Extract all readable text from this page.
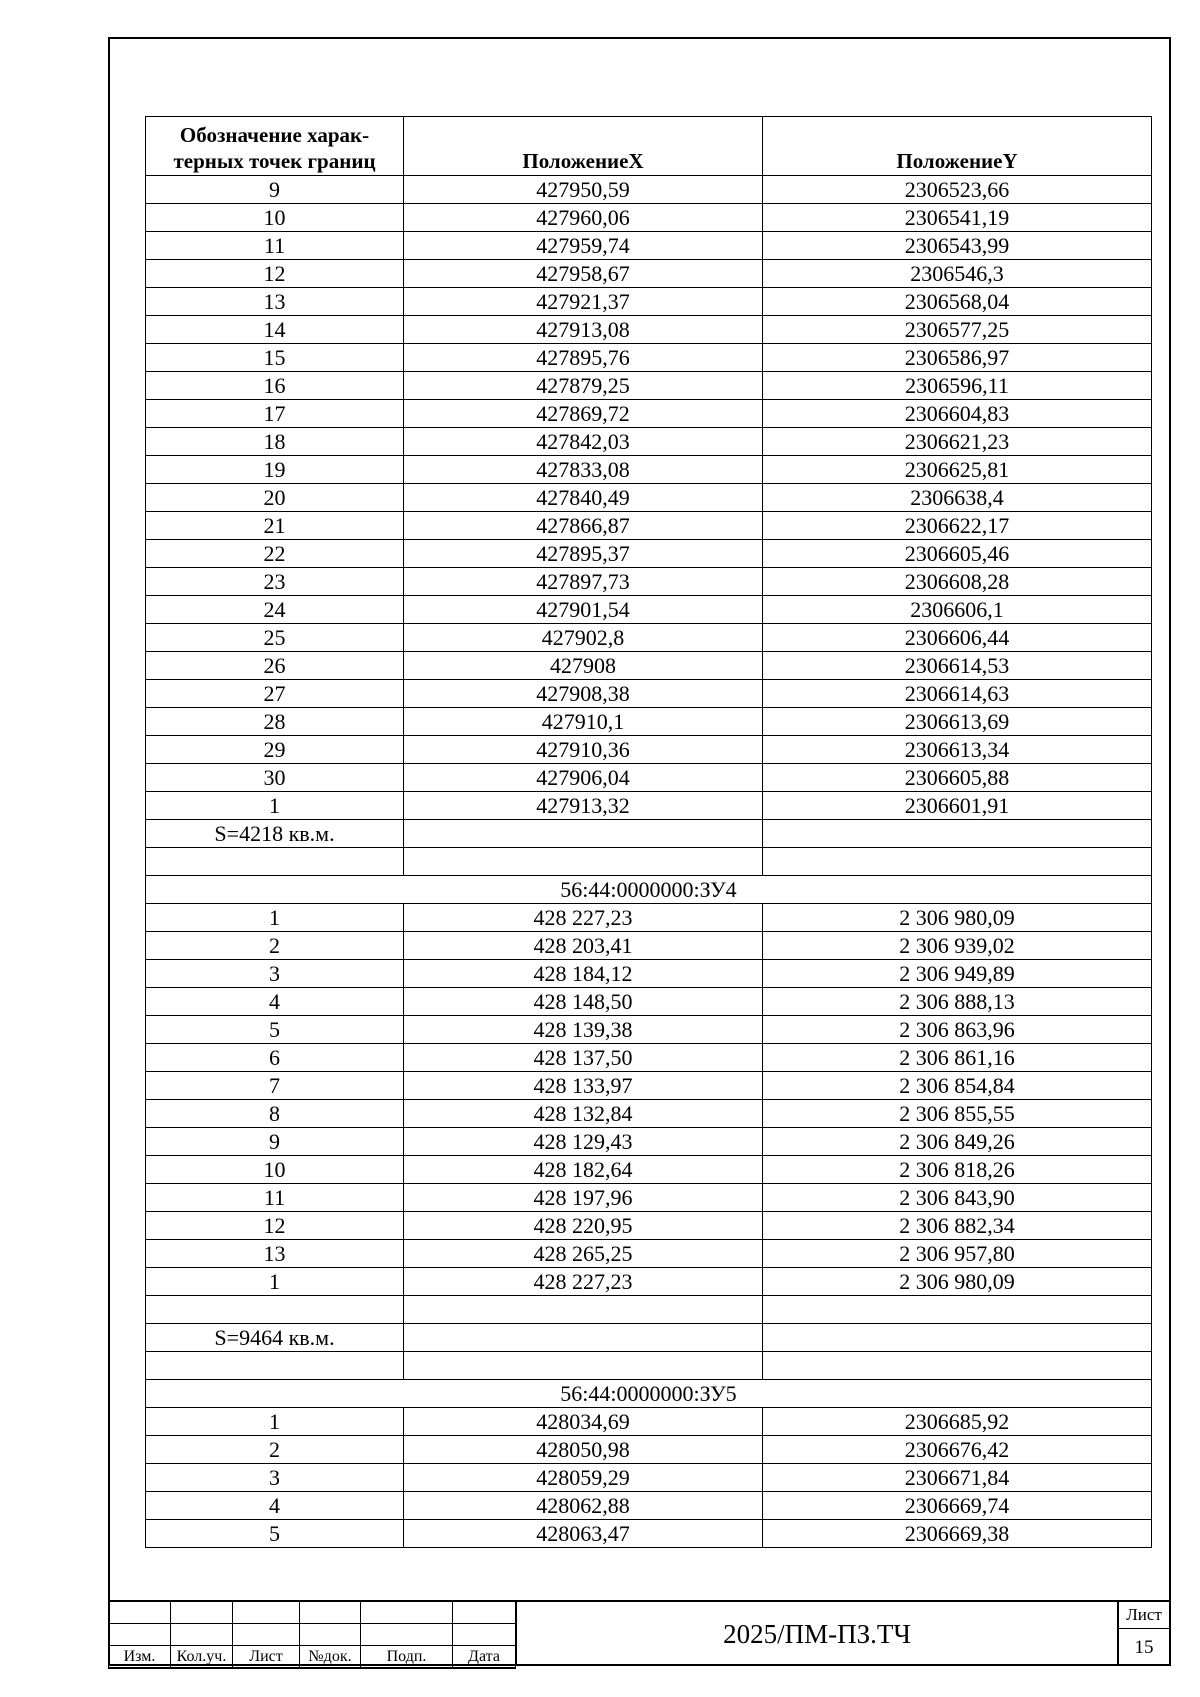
Обозначение харак-
терных точек границ	ПоложениеX	ПоложениеY
9	427950,59	2306523,66
10	427960,06	2306541,19
11	427959,74	2306543,99
12	427958,67	2306546,3
13	427921,37	2306568,04
14	427913,08	2306577,25
15	427895,76	2306586,97
16	427879,25	2306596,11
17	427869,72	2306604,83
18	427842,03	2306621,23
19	427833,08	2306625,81
20	427840,49	2306638,4
21	427866,87	2306622,17
22	427895,37	2306605,46
23	427897,73	2306608,28
24	427901,54	2306606,1
25	427902,8	2306606,44
26	427908	2306614,53
27	427908,38	2306614,63
28	427910,1	2306613,69
29	427910,36	2306613,34
30	427906,04	2306605,88
1	427913,32	2306601,91
S=4218 кв.м.		

56:44:0000000:ЗУ4		
1	428 227,23	2 306 980,09
2	428 203,41	2 306 939,02
3	428 184,12	2 306 949,89
4	428 148,50	2 306 888,13
5	428 139,38	2 306 863,96
6	428 137,50	2 306 861,16
7	428 133,97	2 306 854,84
8	428 132,84	2 306 855,55
9	428 129,43	2 306 849,26
10	428 182,64	2 306 818,26
11	428 197,96	2 306 843,90
12	428 220,95	2 306 882,34
13	428 265,25	2 306 957,80
1	428 227,23	2 306 980,09

S=9464 кв.м.		

56:44:0000000:ЗУ5		
1	428034,69	2306685,92
2	428050,98	2306676,42
3	428059,29	2306671,84
4	428062,88	2306669,74
5	428063,47	2306669,38

Изм.	Кол.уч.	Лист	№док.	Подп.	Дата
2025/ПМ-ПЗ.ТЧ
Лист
15
